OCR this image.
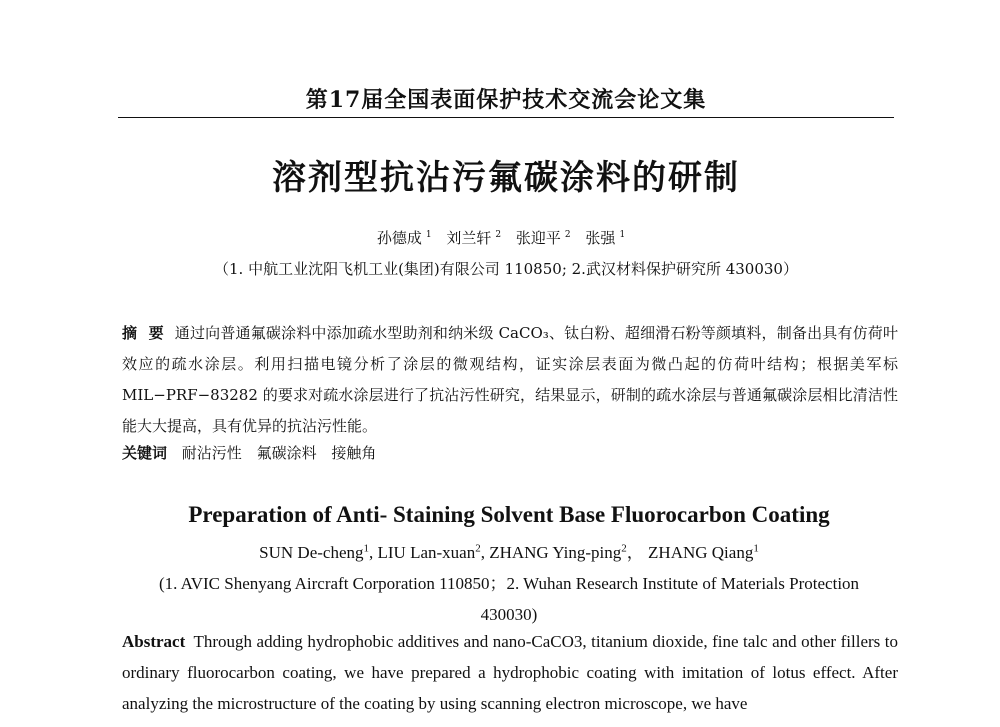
第17届全国表面保护技术交流会论文集
溶剂型抗沾污氟碳涂料的研制
孙德成 $^1$ 刘兰轩 $^2$ 张迎平 $^2$ 张强 $^1$
（1. 中航工业沈阳飞机工业(集团)有限公司 110850; 2.武汉材料保护研究所 430030）
摘 要 通过向普通氟碳涂料中添加疏水型助剂和纳米级 CaCO₃、钛白粉、超细滑石粉等颜填料，制备出具有仿荷叶效应的疏水涂层。利用扫描电镜分析了涂层的微观结构，证实涂层表面为微凸起的仿荷叶结构；根据美军标 MIL−PRF−83282 的要求对疏水涂层进行了抗沾污性研究，结果显示，研制的疏水涂层与普通氟碳涂层相比清洁性能大大提高，具有优异的抗沾污性能。
关键词 耐沾污性 氟碳涂料 接触角
Preparation of Anti- Staining Solvent Base Fluorocarbon Coating
SUN De-cheng$^1$, LIU Lan-xuan$^2$, ZHANG Ying-ping$^2$， ZHANG Qiang$^1$
(1. AVIC Shenyang Aircraft Corporation 110850；2. Wuhan Research Institute of Materials Protection 430030)
Abstract Through adding hydrophobic additives and nano-CaCO3, titanium dioxide, fine talc and other fillers to ordinary fluorocarbon coating, we have prepared a hydrophobic coating with imitation of lotus effect. After analyzing the microstructure of the coating by using scanning electron microscope, we have
